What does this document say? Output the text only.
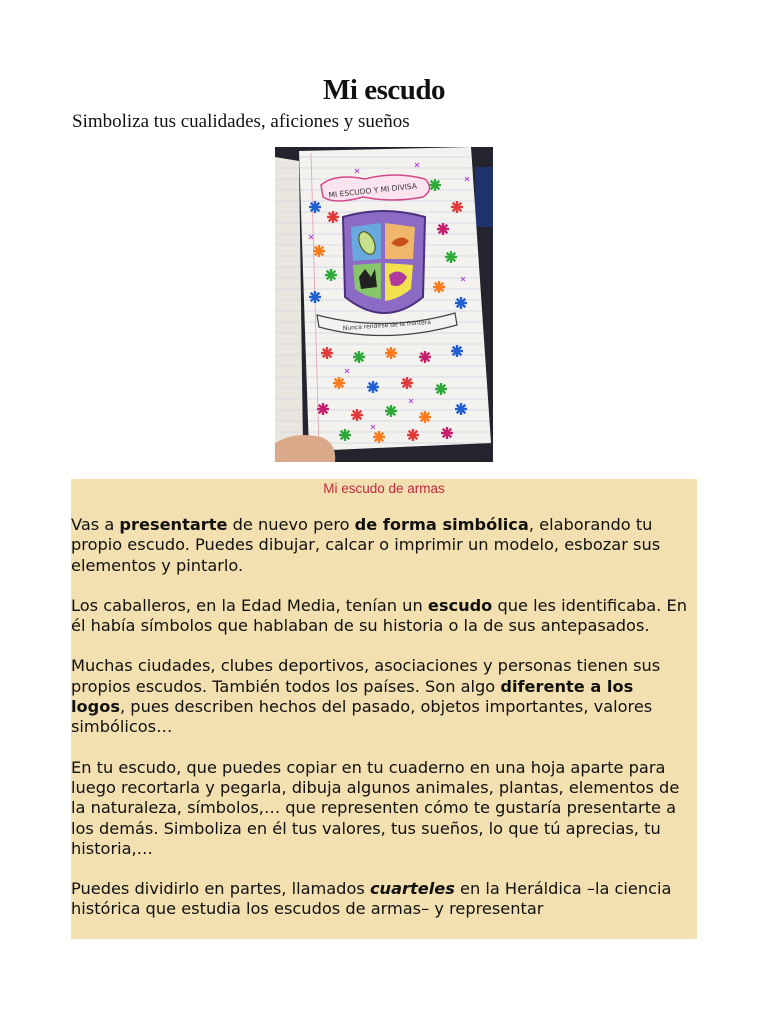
Mi escudo

Simboliza tus cualidades, aficiones y sueños

MI ESCUDO Y MI DIVISA
Nunca rendirse de la frontera

Mi escudo de armas

Vas a presentarte de nuevo pero de forma simbólica, elaborando tu propio escudo. Puedes dibujar, calcar o imprimir un modelo, esbozar sus elementos y pintarlo.

Los caballeros, en la Edad Media, tenían un escudo que les identificaba. En él había símbolos que hablaban de su historia o la de sus antepasados.

Muchas ciudades, clubes deportivos, asociaciones y personas tienen sus propios escudos. También todos los países. Son algo diferente a los logos, pues describen hechos del pasado, objetos importantes, valores simbólicos…

En tu escudo, que puedes copiar en tu cuaderno en una hoja aparte para luego recortarla y pegarla, dibuja algunos animales, plantas, elementos de la naturaleza, símbolos,… que representen cómo te gustaría presentarte a los demás. Simboliza en él tus valores, tus sueños, lo que tú aprecias, tu historia,…

Puedes dividirlo en partes, llamados cuarteles en la Heráldica –la ciencia histórica que estudia los escudos de armas– y representar
